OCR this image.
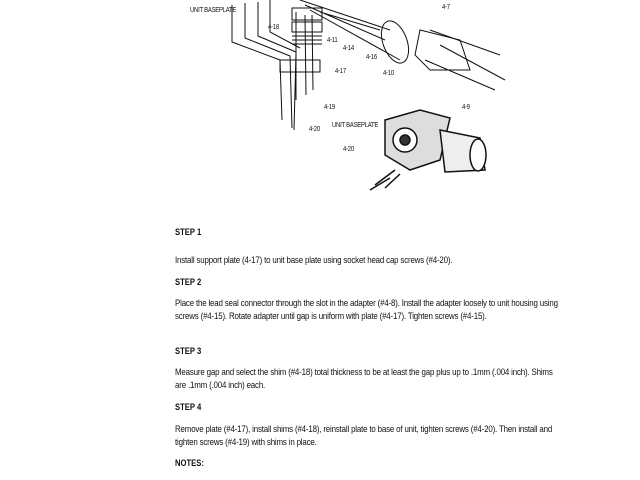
UNIT BASEPLATE	4-7
4-18
4-11
4-14
4-16
4-10
4-17
4-9
4-19
4-20
UNIT BASEPLATE
4-20
STEP 1
Install support plate (4-17) to unit base plate using socket head cap screws (#4-20).
STEP 2
Place the lead seal connector through the slot in the adapter (#4-8). Install the adapter loosely to unit housing using screws (#4-15). Rotate adapter until gap is uniform with plate (#4-17). Tighten screws (#4-15).
STEP 3
Measure gap and select the shim (#4-18) total thickness to be at least the gap plus up to .1mm (.004 inch). Shims are .1mm (.004 inch) each.
STEP 4
Remove plate (#4-17), install shims (#4-18), reinstall plate to base of unit, tighten screws (#4-20). Then install and tighten screws (#4-19) with shims in place.
NOTES:
